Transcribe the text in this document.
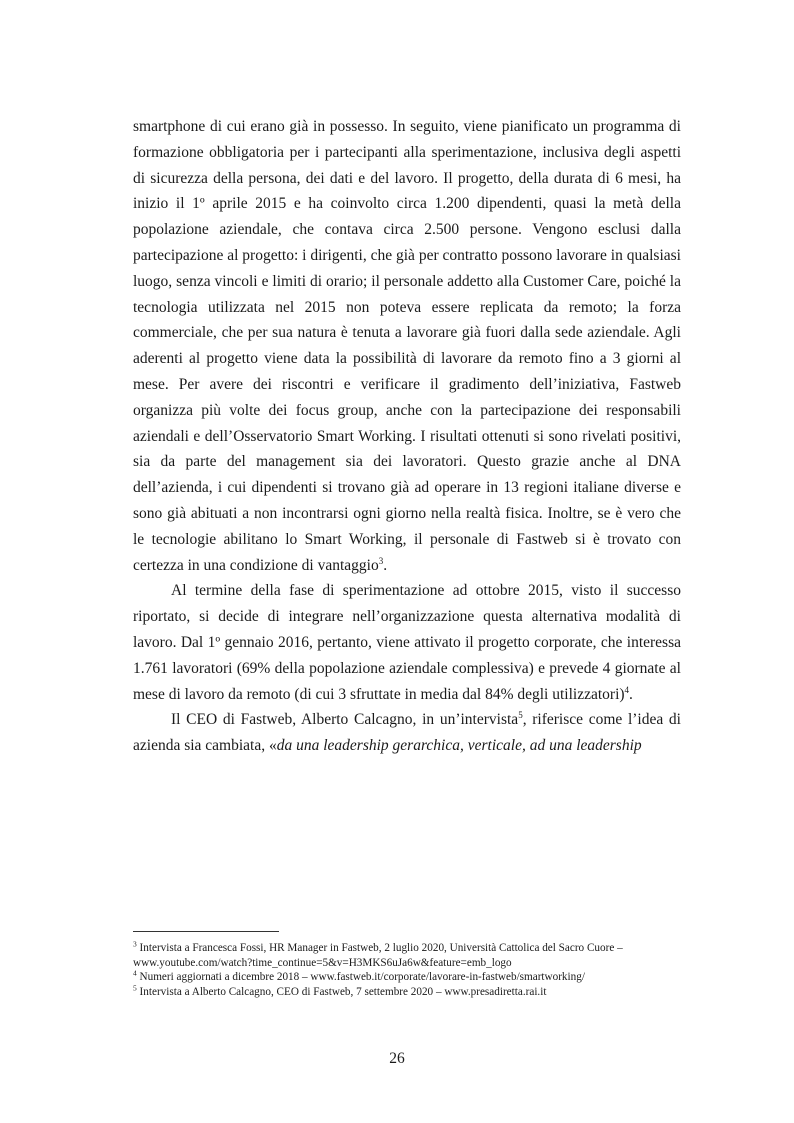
smartphone di cui erano già in possesso. In seguito, viene pianificato un programma di formazione obbligatoria per i partecipanti alla sperimentazione, inclusiva degli aspetti di sicurezza della persona, dei dati e del lavoro. Il progetto, della durata di 6 mesi, ha inizio il 1º aprile 2015 e ha coinvolto circa 1.200 dipendenti, quasi la metà della popolazione aziendale, che contava circa 2.500 persone. Vengono esclusi dalla partecipazione al progetto: i dirigenti, che già per contratto possono lavorare in qualsiasi luogo, senza vincoli e limiti di orario; il personale addetto alla Customer Care, poiché la tecnologia utilizzata nel 2015 non poteva essere replicata da remoto; la forza commerciale, che per sua natura è tenuta a lavorare già fuori dalla sede aziendale. Agli aderenti al progetto viene data la possibilità di lavorare da remoto fino a 3 giorni al mese. Per avere dei riscontri e verificare il gradimento dell’iniziativa, Fastweb organizza più volte dei focus group, anche con la partecipazione dei responsabili aziendali e dell’Osservatorio Smart Working. I risultati ottenuti si sono rivelati positivi, sia da parte del management sia dei lavoratori. Questo grazie anche al DNA dell’azienda, i cui dipendenti si trovano già ad operare in 13 regioni italiane diverse e sono già abituati a non incontrarsi ogni giorno nella realtà fisica. Inoltre, se è vero che le tecnologie abilitano lo Smart Working, il personale di Fastweb si è trovato con certezza in una condizione di vantaggio$^3$.

Al termine della fase di sperimentazione ad ottobre 2015, visto il successo riportato, si decide di integrare nell’organizzazione questa alternativa modalità di lavoro. Dal 1º gennaio 2016, pertanto, viene attivato il progetto corporate, che interessa 1.761 lavoratori (69% della popolazione aziendale complessiva) e prevede 4 giornate al mese di lavoro da remoto (di cui 3 sfruttate in media dal 84% degli utilizzatori)$^4$.

Il CEO di Fastweb, Alberto Calcagno, in un’intervista$^5$, riferisce come l’idea di azienda sia cambiata, «da una leadership gerarchica, verticale, ad una leadership

$^3$ Intervista a Francesca Fossi, HR Manager in Fastweb, 2 luglio 2020, Università Cattolica del Sacro Cuore – www.youtube.com/watch?time_continue=5&v=H3MKS6uJa6w&feature=emb_logo

$^4$ Numeri aggiornati a dicembre 2018 – www.fastweb.it/corporate/lavorare-in-fastweb/smartworking/

$^5$ Intervista a Alberto Calcagno, CEO di Fastweb, 7 settembre 2020 – www.presadiretta.rai.it

26
